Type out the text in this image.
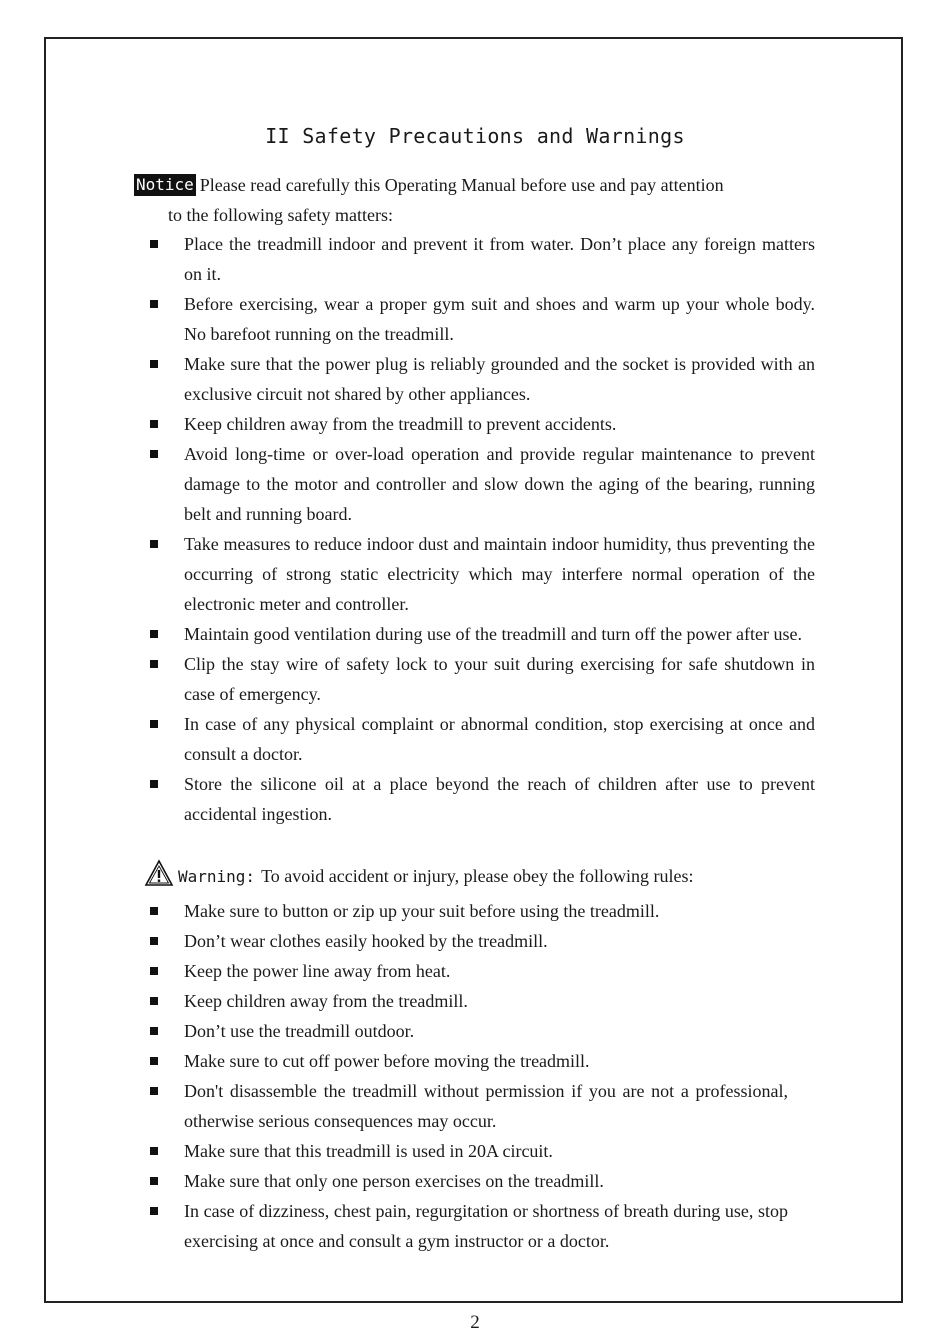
II Safety Precautions and Warnings
Notice Please read carefully this Operating Manual before use and pay attention
to the following safety matters:
Place the treadmill indoor and prevent it from water. Don’t place any foreign matters on it.
Before exercising, wear a proper gym suit and shoes and warm up your whole body. No barefoot running on the treadmill.
Make sure that the power plug is reliably grounded and the socket is provided with an exclusive circuit not shared by other appliances.
Keep children away from the treadmill to prevent accidents.
Avoid long-time or over-load operation and provide regular maintenance to prevent damage to the motor and controller and slow down the aging of the bearing, running belt and running board.
Take measures to reduce indoor dust and maintain indoor humidity, thus preventing the occurring of strong static electricity which may interfere normal operation of the electronic meter and controller.
Maintain good ventilation during use of the treadmill and turn off the power after use.
Clip the stay wire of safety lock to your suit during exercising for safe shutdown in case of emergency.
In case of any physical complaint or abnormal condition, stop exercising at once and consult a doctor.
Store the silicone oil at a place beyond the reach of children after use to prevent accidental ingestion.
Warning: To avoid accident or injury, please obey the following rules:
Make sure to button or zip up your suit before using the treadmill.
Don’t wear clothes easily hooked by the treadmill.
Keep the power line away from heat.
Keep children away from the treadmill.
Don’t use the treadmill outdoor.
Make sure to cut off power before moving the treadmill.
Don't disassemble the treadmill without permission if you are not a professional, otherwise serious consequences may occur.
Make sure that this treadmill is used in 20A circuit.
Make sure that only one person exercises on the treadmill.
In case of dizziness, chest pain, regurgitation or shortness of breath during use, stop exercising at once and consult a gym instructor or a doctor.
2
